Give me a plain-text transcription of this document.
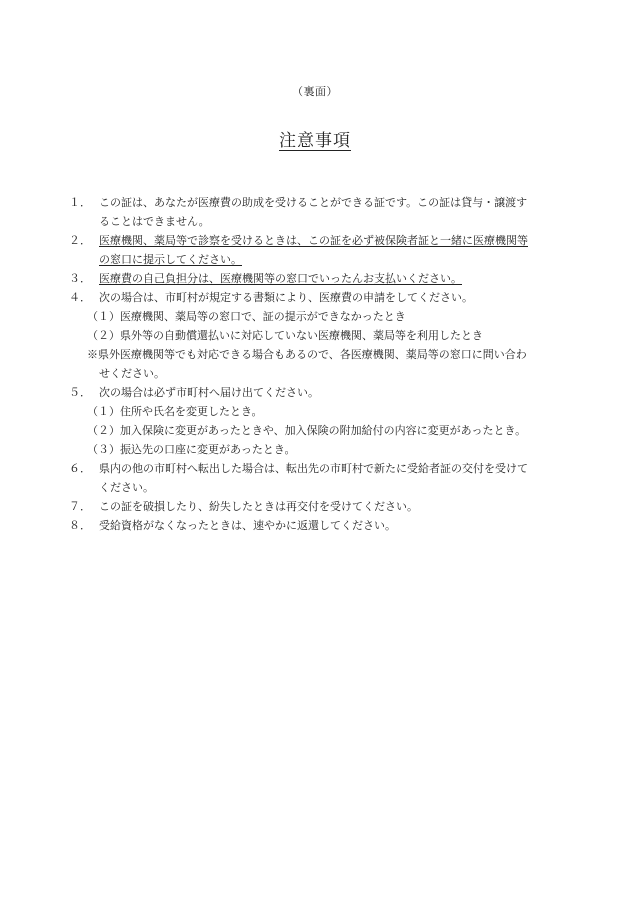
（裏面）
注意事項
１． この証は、あなたが医療費の助成を受けることができる証です。この証は貸与・譲渡す
ることはできません。
２． 医療機関、薬局等で診察を受けるときは、この証を必ず被保険者証と一緒に医療機関等
の窓口に提示してください。
３． 医療費の自己負担分は、医療機関等の窓口でいったんお支払いください。
４． 次の場合は、市町村が規定する書類により、医療費の申請をしてください。
（１）医療機関、薬局等の窓口で、証の提示ができなかったとき
（２）県外等の自動償還払いに対応していない医療機関、薬局等を利用したとき
※県外医療機関等でも対応できる場合もあるので、各医療機関、薬局等の窓口に問い合わ
せください。
５． 次の場合は必ず市町村へ届け出てください。
（１）住所や氏名を変更したとき。
（２）加入保険に変更があったときや、加入保険の附加給付の内容に変更があったとき。
（３）振込先の口座に変更があったとき。
６． 県内の他の市町村へ転出した場合は、転出先の市町村で新たに受給者証の交付を受けて
ください。
７． この証を破損したり、紛失したときは再交付を受けてください。
８． 受給資格がなくなったときは、速やかに返還してください。
